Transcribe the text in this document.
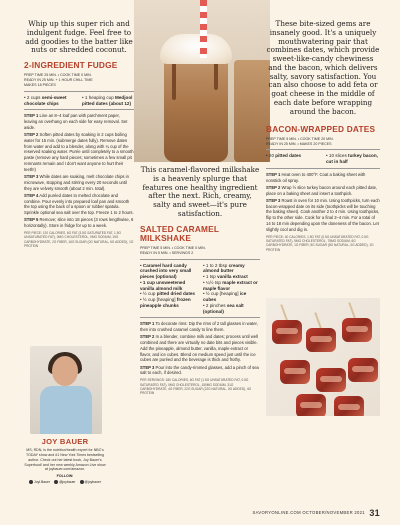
Whip up this super rich and indulgent fudge. Feel free to add goodies to the batter like nuts or shredded coconut.
2-INGREDIENT FUDGE
PREP TIME 25 MIN. • COOK TIME 0 MIN.
READY IN 25 MIN. + 1 HOUR CHILL TIME
MAKES 18 PIECES
• 2 cups semi-sweet chocolate chips
• 1 heaping cup Medjool pitted dates (about 12)

STEP 1 Line an 8–4 loaf pan with parchment paper, leaving an overhang on each side for easy removal. Set aside.

STEP 2 Soften pitted dates by soaking in 2 cups boiling water for 15 min. (submerge dates fully). Remove dates from water and add to a blender, along with ¼ cup of the reserved soaking water. Purée until completely to a smooth paste (remove any hard pieces; sometimes a few small pit remnants remain and I don't want anyone to hurt their teeth!)

STEP 3 While dates are soaking, melt chocolate chips in microwave, stopping and stirring every 20 seconds until they are velvety smooth (about 2 min. total).

STEP 4 Add puréed dates to melted chocolate and combine. Pour evenly into prepared loaf pan and smooth the top using the back of a spoon or rubber spatula. Sprinkle optional sea salt over the top. Freeze 1 to 2 hours.

STEP 5 Remove; slice into 18 pieces (3 rows lengthwise, 6 horizontally). Store in fridge for up to a week.

PER PIECE: 120 CALORIES, 6G FAT (3.5G SATURATED FAT, 1.5G UNSATURATED FAT), 0MG CHOLESTEROL, 0MG SODIUM, 19G CARBOHYDRATE, 2G FIBER, 16G SUGAR (0G NATURAL, 6G ADDED), 1G PROTEIN
JOY BAUER
MS, RDN, is the nutrition/health expert for NBC's TODAY show and #1 New York Times bestselling author. Check out her latest book, Joy Bauer's Superfood! and her new weekly Amazon Live show at joybauer.com/amazon.
FOLLOW:
Joyl.Bauer	@joybauer	@joybauer
This caramel-flavored milkshake is a heavenly splurge that features one healthy ingredient after the next. Rich, creamy, salty and sweet—it's pure satisfaction.
SALTED CARAMEL MILKSHAKE
PREP TIME 5 MIN. • COOK TIME 0 MIN.
READY IN 5 MIN. • SERVINGS 2
• Caramel hard candy crushed into very small pieces (optional)
• 1 cup unsweetened vanilla almond milk
• ½ cup pitted dried dates
• ½ cup [heaping] frozen pineapple chunks
• 1 to 2 tbsp creamy almond butter
• 1 tsp vanilla extract
• ¼½ tsp maple extract or maple flavor
• ½ cup [heaping] ice cubes
• 2 pinches sea salt (optional)

STEP 1 To decorate rims: Dip the rims of 2 tall glasses in water, then into crushed caramel candy to line them.

STEP 2 In a blender, combine milk and dates; process until well combined and there are virtually no date bits and pieces visible. Add the pineapple, almond butter, vanilla, maple extract or flavor, and ice cubes. Blend on medium speed just until the ice cubes are puréed and the beverage is thick and frothy.

STEP 3 Pour into the candy-rimmed glasses, add a pinch of sea salt to each, if desired.

PER SERVINGS: 180 CALORIES, 6G FAT (1.5G UNSATURATED FAT, 0.5G SATURATED FAT), 0MG CHOLESTEROL, 150MG SODIUM, 31G CARBOHYDRATE, 4G FIBER, 22G SUGAR (22G NATURAL, 0G ADDED), 4G PROTEIN
These bite-sized gems are insanely good. It's a uniquely mouthwatering pair that combines dates, which provide sweet-like-candy chewiness and the bacon, which delivers salty, savory satisfaction. You can also choose to add feta or goat cheese in the middle of each date before wrapping around the bacon.
BACON-WRAPPED DATES
PREP TIME 5 MIN. • COOK TIME 20 MIN.
READY IN 25 MIN. • MAKES 20 PIECES
• 20 pitted dates	• 10 slices turkey bacon, cut in half

STEP 1 Heat oven to 400°F. Coat a baking sheet with nonstick oil spray.

STEP 2 Wrap ½ slice turkey bacon around each pitted date, place on a baking sheet and insert a toothpick.

STEP 3 Roast in oven for 10 min. Using toothpicks, turn each bacon-wrapped date on its side (toothpicks will be touching the baking sheet). Cook another 2 to 4 min. Using toothpicks, flip to the other side. Cook for a final 2–4 min. For a total of 14 to 18 min depending upon the doneness of the bacon. Let slightly cool and dig in.

PER PIECE: 40 CALORIES, 1.5G FAT (0.5G UNSATURATED FAT, 0.5G SATURATED FAT), 5MG CHOLESTEROL, 75MG SODIUM, 6G CARBOHYDRATE, 1G FIBER, 5G SUGAR (5G NATURAL, 0G ADDED), 1G PROTEIN
SAVORYONLINE.COM OCTOBER/NOVEMBER 2021 31
